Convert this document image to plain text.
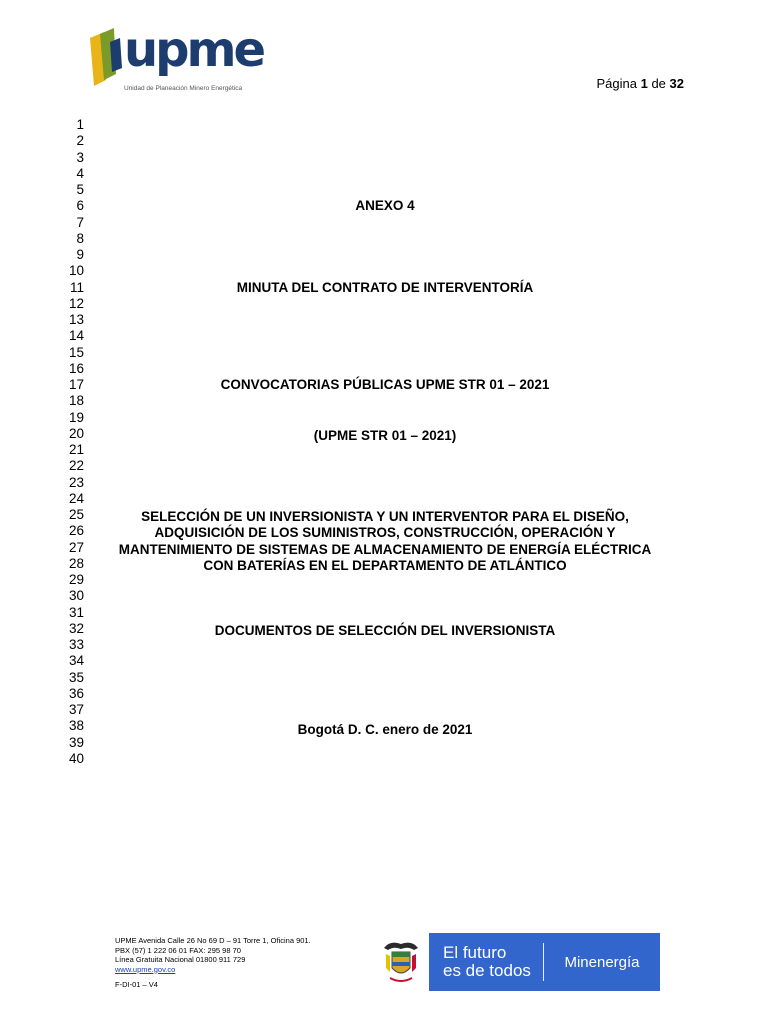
upme
Unidad de Planeación Minero Energética	Página 1 de 32
1
2
3
4
5
6
7
8
9
10
11
12
13
14
15
16
17
18
19
20
21
22
23
24
25
26
27
28
29
30
31
32
33
34
35
36
37
38
39
40
ANEXO 4
MINUTA DEL CONTRATO DE INTERVENTORÍA
CONVOCATORIAS PÚBLICAS UPME STR 01 – 2021
(UPME STR 01 – 2021)
SELECCIÓN DE UN INVERSIONISTA Y UN INTERVENTOR PARA EL DISEÑO,
ADQUISICIÓN DE LOS SUMINISTROS, CONSTRUCCIÓN, OPERACIÓN Y
MANTENIMIENTO DE SISTEMAS DE ALMACENAMIENTO DE ENERGÍA ELÉCTRICA
CON BATERÍAS EN EL DEPARTAMENTO DE ATLÁNTICO
DOCUMENTOS DE SELECCIÓN DEL INVERSIONISTA
Bogotá D. C. enero de 2021
UPME Avenida Calle 26 No 69 D – 91 Torre 1, Oficina 901.
PBX (57) 1 222 06 01 FAX: 295 98 70
Línea Gratuita Nacional 01800 911 729
www.upme.gov.co
F-DI-01 – V4
El futuro
es de todos	Minenergía
